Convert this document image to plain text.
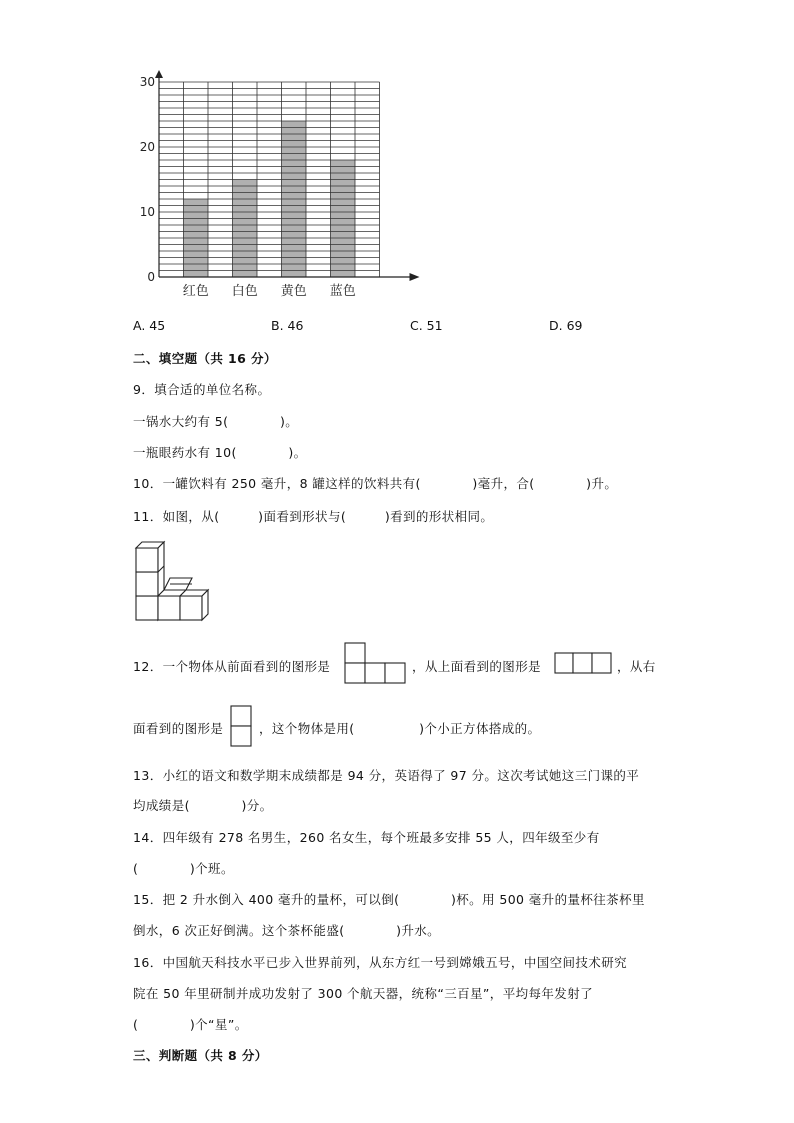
0
10
20
30
红色 白色 黄色 蓝色
A. 45	B. 46	C. 51	D. 69
二、填空题（共 16 分）
9．填合适的单位名称。
一锅水大约有 5(　　　　)。
一瓶眼药水有 10(　　　　)。
10．一罐饮料有 250 毫升，8 罐这样的饮料共有(　　　　)毫升，合(　　　　)升。
11．如图，从(　　　)面看到形状与(　　　)看到的形状相同。
12．一个物体从前面看到的图形是	，从上面看到的图形是	，从右
面看到的图形是	，这个物体是用(　　　　　)个小正方体搭成的。
13．小红的语文和数学期末成绩都是 94 分，英语得了 97 分。这次考试她这三门课的平
均成绩是(　　　　)分。
14．四年级有 278 名男生，260 名女生，每个班最多安排 55 人，四年级至少有
(　　　　)个班。
15．把 2 升水倒入 400 毫升的量杯，可以倒(　　　　)杯。用 500 毫升的量杯往茶杯里
倒水，6 次正好倒满。这个茶杯能盛(　　　　)升水。
16．中国航天科技水平已步入世界前列，从东方红一号到嫦娥五号，中国空间技术研究
院在 50 年里研制并成功发射了 300 个航天器，统称“三百星”，平均每年发射了
(　　　　)个“星”。
三、判断题（共 8 分）
